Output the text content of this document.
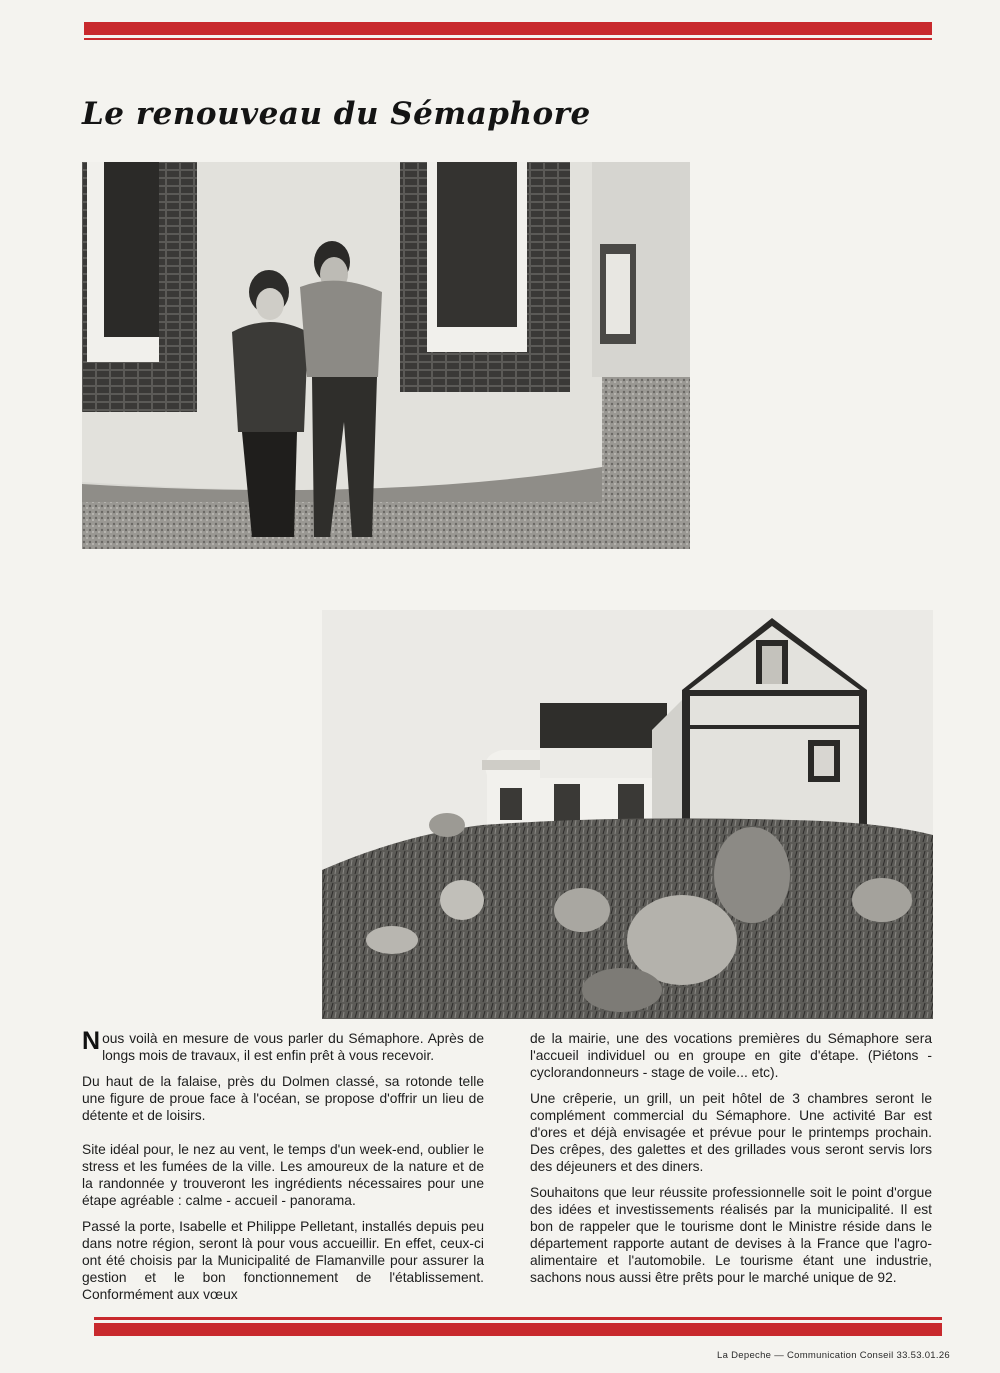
Le renouveau du Sémaphore

Nous voilà en mesure de vous parler du Sémaphore. Après de longs mois de travaux, il est enfin prêt à vous recevoir.

Du haut de la falaise, près du Dolmen classé, sa rotonde telle une figure de proue face à l'océan, se propose d'offrir un lieu de détente et de loisirs.

Site idéal pour, le nez au vent, le temps d'un week-end, oublier le stress et les fumées de la ville. Les amoureux de la nature et de la randonnée y trouveront les ingrédients nécessaires pour une étape agréable : calme - accueil - panorama.

Passé la porte, Isabelle et Philippe Pelletant, installés depuis peu dans notre région, seront là pour vous accueillir. En effet, ceux-ci ont été choisis par la Municipalité de Flamanville pour assurer la gestion et le bon fonctionnement de l'établissement. Conformément aux vœux

de la mairie, une des vocations premières du Sémaphore sera l'accueil individuel ou en groupe en gite d'étape. (Piétons - cyclorandonneurs - stage de voile... etc).

Une crêperie, un grill, un peit hôtel de 3 chambres seront le complément commercial du Sémaphore. Une activité Bar est d'ores et déjà envisagée et prévue pour le printemps prochain. Des crêpes, des galettes et des grillades vous seront servis lors des déjeuners et des diners.

Souhaitons que leur réussite professionnelle soit le point d'orgue des idées et investissements réalisés par la municipalité. Il est bon de rappeler que le tourisme dont le Ministre réside dans le département rapporte autant de devises à la France que l'agro-alimentaire et l'automobile. Le tourisme étant une industrie, sachons nous aussi être prêts pour le marché unique de 92.

La Depeche — Communication Conseil 33.53.01.26
